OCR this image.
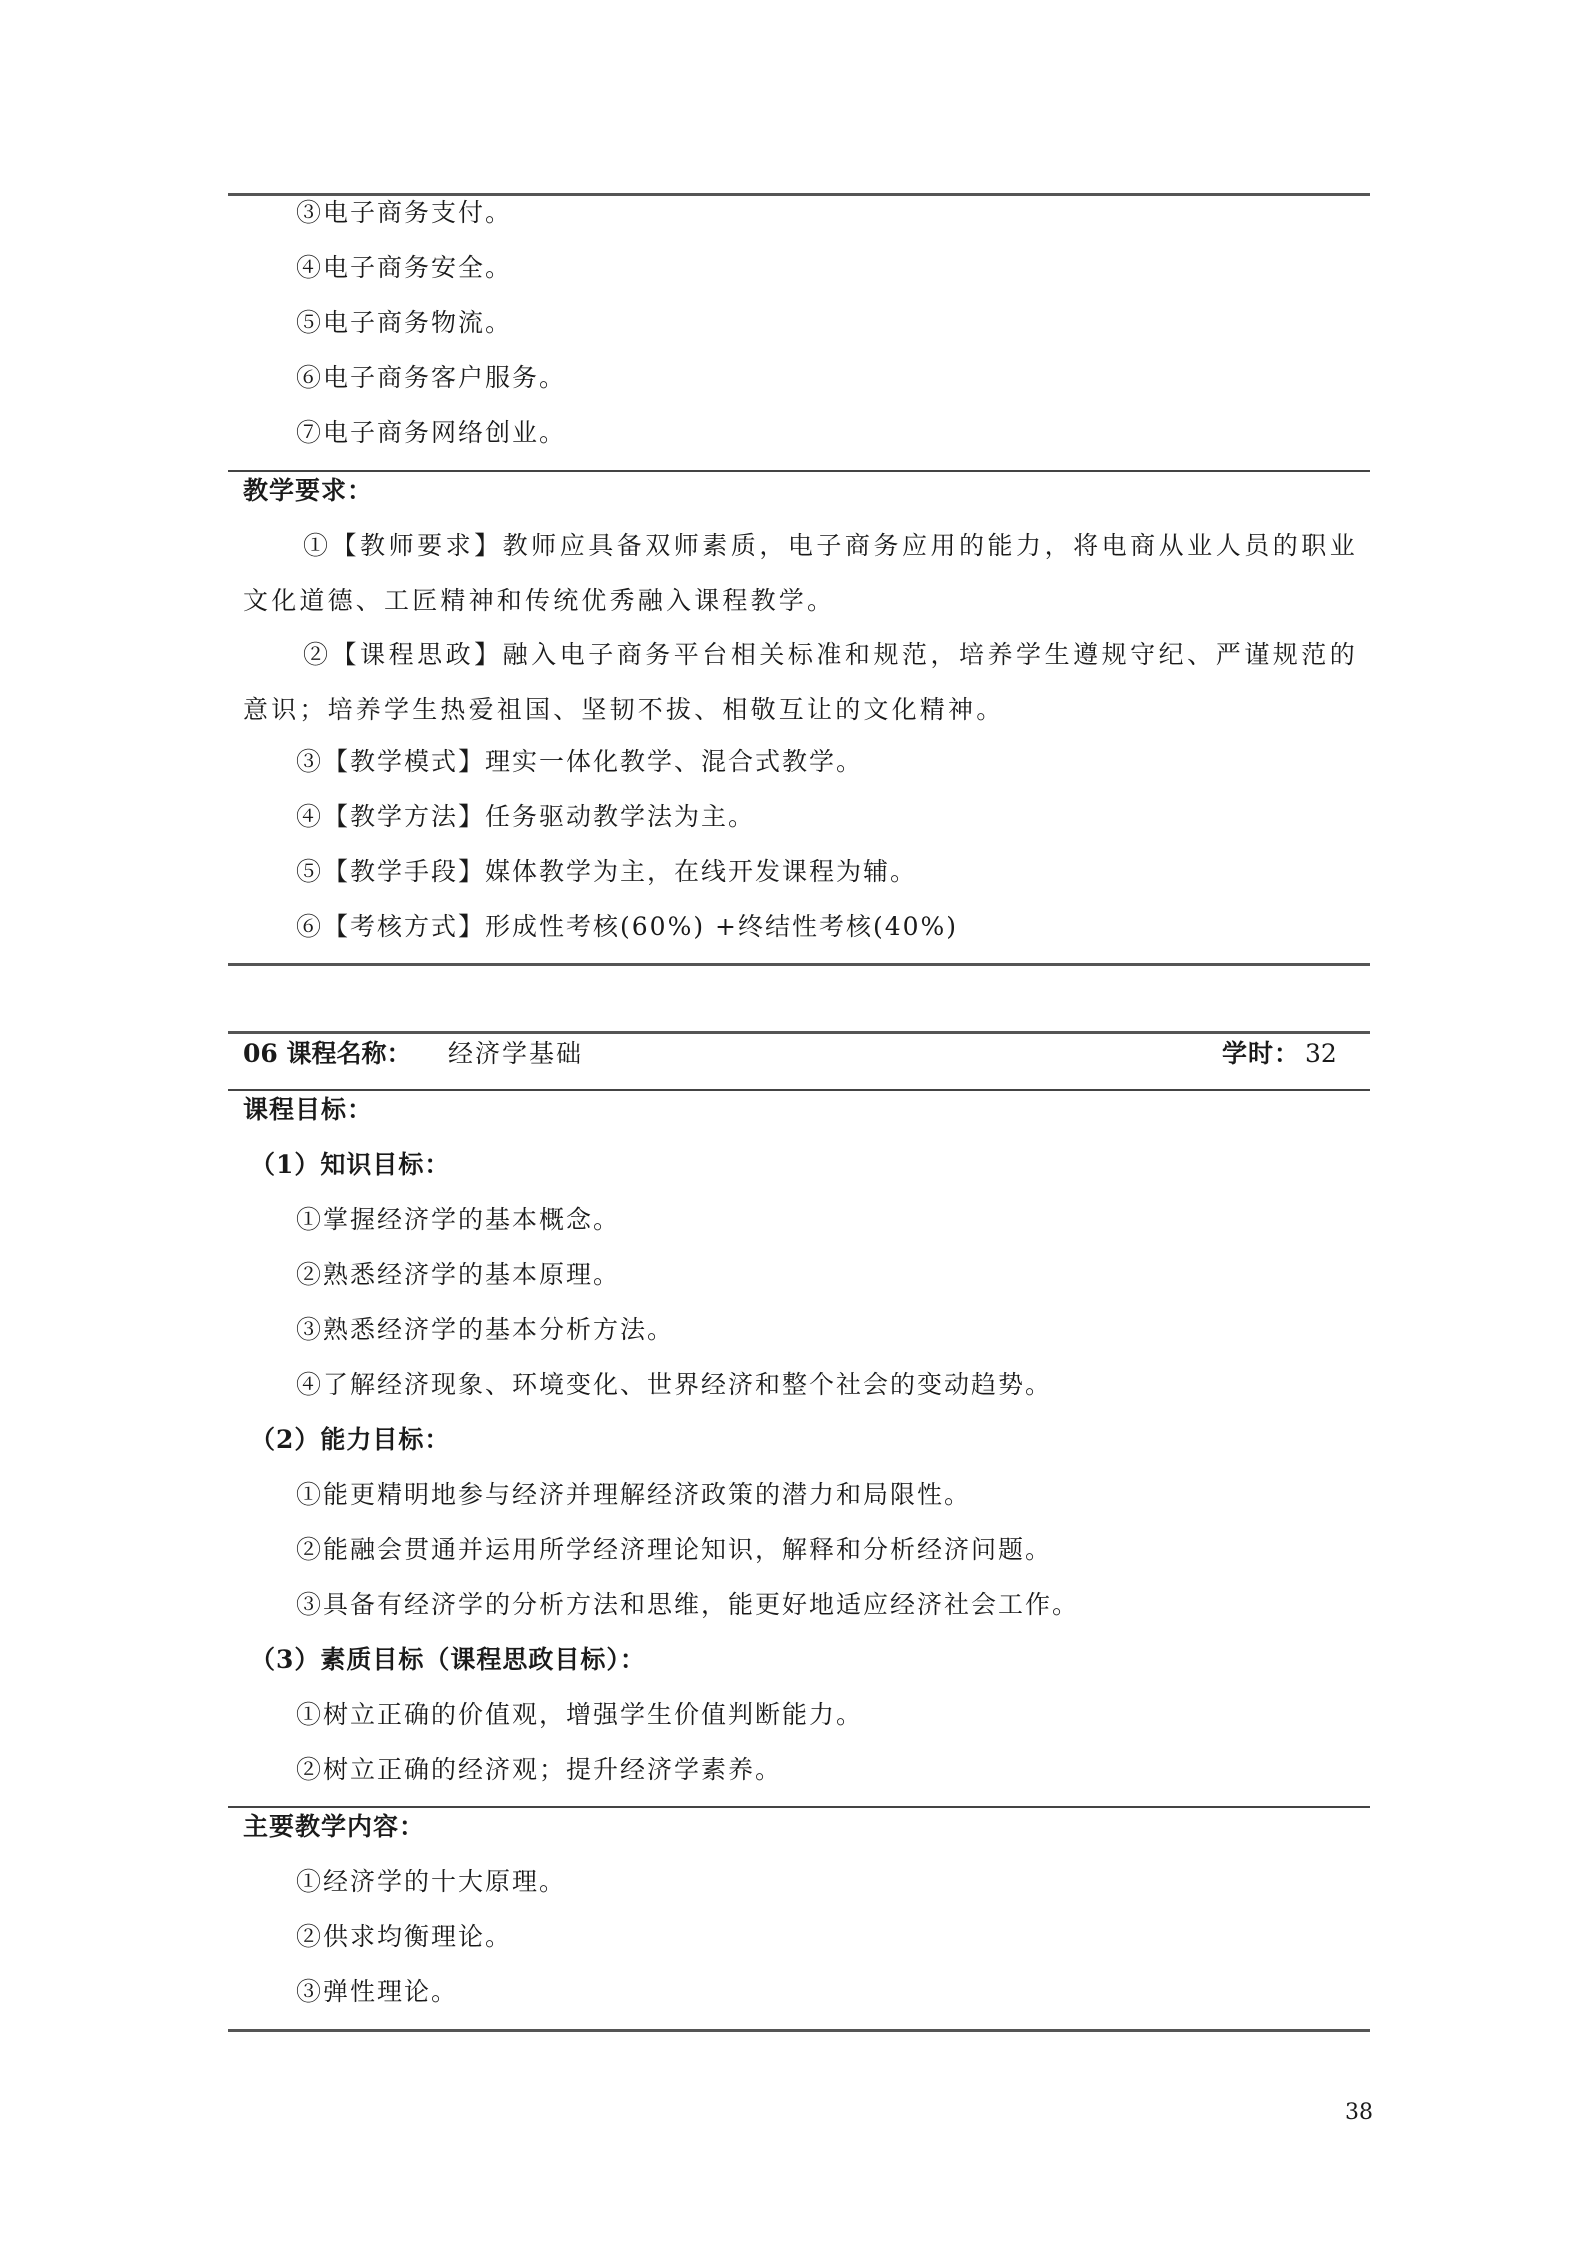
③电子商务支付。
④电子商务安全。
⑤电子商务物流。
⑥电子商务客户服务。
⑦电子商务网络创业。
教学要求：
①【教师要求】教师应具备双师素质，电子商务应用的能力，将电商从业人员的职业文化道德、工匠精神和传统优秀融入课程教学。
②【课程思政】融入电子商务平台相关标准和规范，培养学生遵规守纪、严谨规范的意识；培养学生热爱祖国、坚韧不拔、相敬互让的文化精神。
③【教学模式】理实一体化教学、混合式教学。
④【教学方法】任务驱动教学法为主。
⑤【教学手段】媒体教学为主，在线开发课程为辅。
⑥【考核方式】形成性考核(60%) +终结性考核(40%)
06 课程名称： 经济学基础	学时： 32
课程目标：
（1）知识目标：
①掌握经济学的基本概念。
②熟悉经济学的基本原理。
③熟悉经济学的基本分析方法。
④了解经济现象、环境变化、世界经济和整个社会的变动趋势。
（2）能力目标：
①能更精明地参与经济并理解经济政策的潜力和局限性。
②能融会贯通并运用所学经济理论知识，解释和分析经济问题。
③具备有经济学的分析方法和思维，能更好地适应经济社会工作。
（3）素质目标（课程思政目标）：
①树立正确的价值观，增强学生价值判断能力。
②树立正确的经济观；提升经济学素养。
主要教学内容：
①经济学的十大原理。
②供求均衡理论。
③弹性理论。
38
